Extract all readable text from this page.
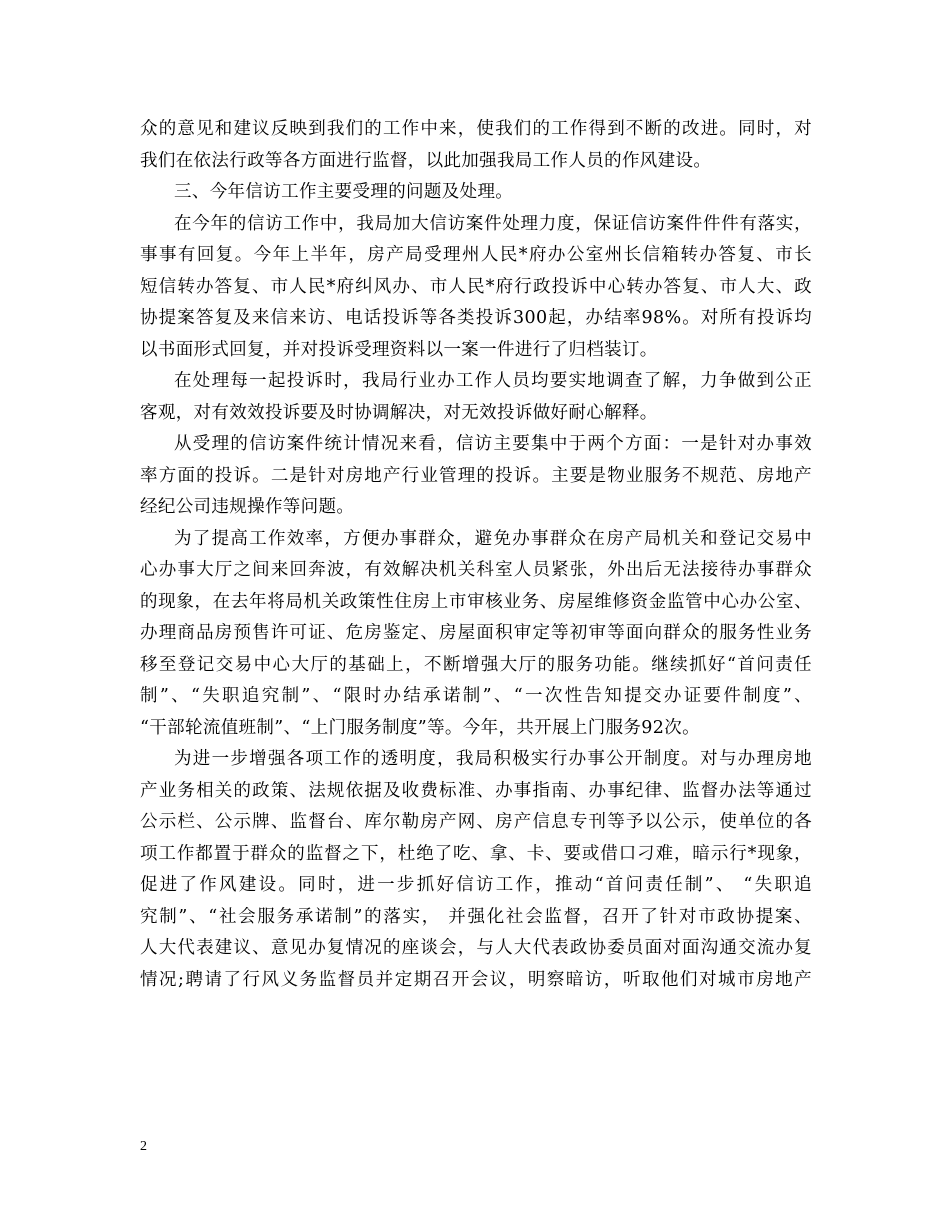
众的意见和建议反映到我们的工作中来，使我们的工作得到不断的改进。同时，对
我们在依法行政等各方面进行监督，以此加强我局工作人员的作风建设。
三、今年信访工作主要受理的问题及处理。
在今年的信访工作中，我局加大信访案件处理力度，保证信访案件件件有落实，
事事有回复。今年上半年，房产局受理州人民*府办公室州长信箱转办答复、市长
短信转办答复、市人民*府纠风办、市人民*府行政投诉中心转办答复、市人大、政
协提案答复及来信来访、电话投诉等各类投诉300起，办结率98%。对所有投诉均
以书面形式回复，并对投诉受理资料以一案一件进行了归档装订。
在处理每一起投诉时，我局行业办工作人员均要实地调查了解，力争做到公正
客观，对有效效投诉要及时协调解决，对无效投诉做好耐心解释。
从受理的信访案件统计情况来看，信访主要集中于两个方面：一是针对办事效
率方面的投诉。二是针对房地产行业管理的投诉。主要是物业服务不规范、房地产
经纪公司违规操作等问题。
为了提高工作效率，方便办事群众，避免办事群众在房产局机关和登记交易中
心办事大厅之间来回奔波，有效解决机关科室人员紧张，外出后无法接待办事群众
的现象，在去年将局机关政策性住房上市审核业务、房屋维修资金监管中心办公室、
办理商品房预售许可证、危房鉴定、房屋面积审定等初审等面向群众的服务性业务
移至登记交易中心大厅的基础上，不断增强大厅的服务功能。继续抓好“首问责任
制”、“失职追究制”、“限时办结承诺制”、“一次性告知提交办证要件制度”、
“干部轮流值班制”、“上门服务制度”等。今年，共开展上门服务92次。
为进一步增强各项工作的透明度，我局积极实行办事公开制度。对与办理房地
产业务相关的政策、法规依据及收费标准、办事指南、办事纪律、监督办法等通过
公示栏、公示牌、监督台、库尔勒房产网、房产信息专刊等予以公示，使单位的各
项工作都置于群众的监督之下，杜绝了吃、拿、卡、要或借口刁难，暗示行*现象，
促进了作风建设。同时，进一步抓好信访工作，推动“首问责任制”、 “失职追
究制”、“社会服务承诺制”的落实， 并强化社会监督，召开了针对市政协提案、
人大代表建议、意见办复情况的座谈会，与人大代表政协委员面对面沟通交流办复
情况;聘请了行风义务监督员并定期召开会议，明察暗访，听取他们对城市房地产
2
